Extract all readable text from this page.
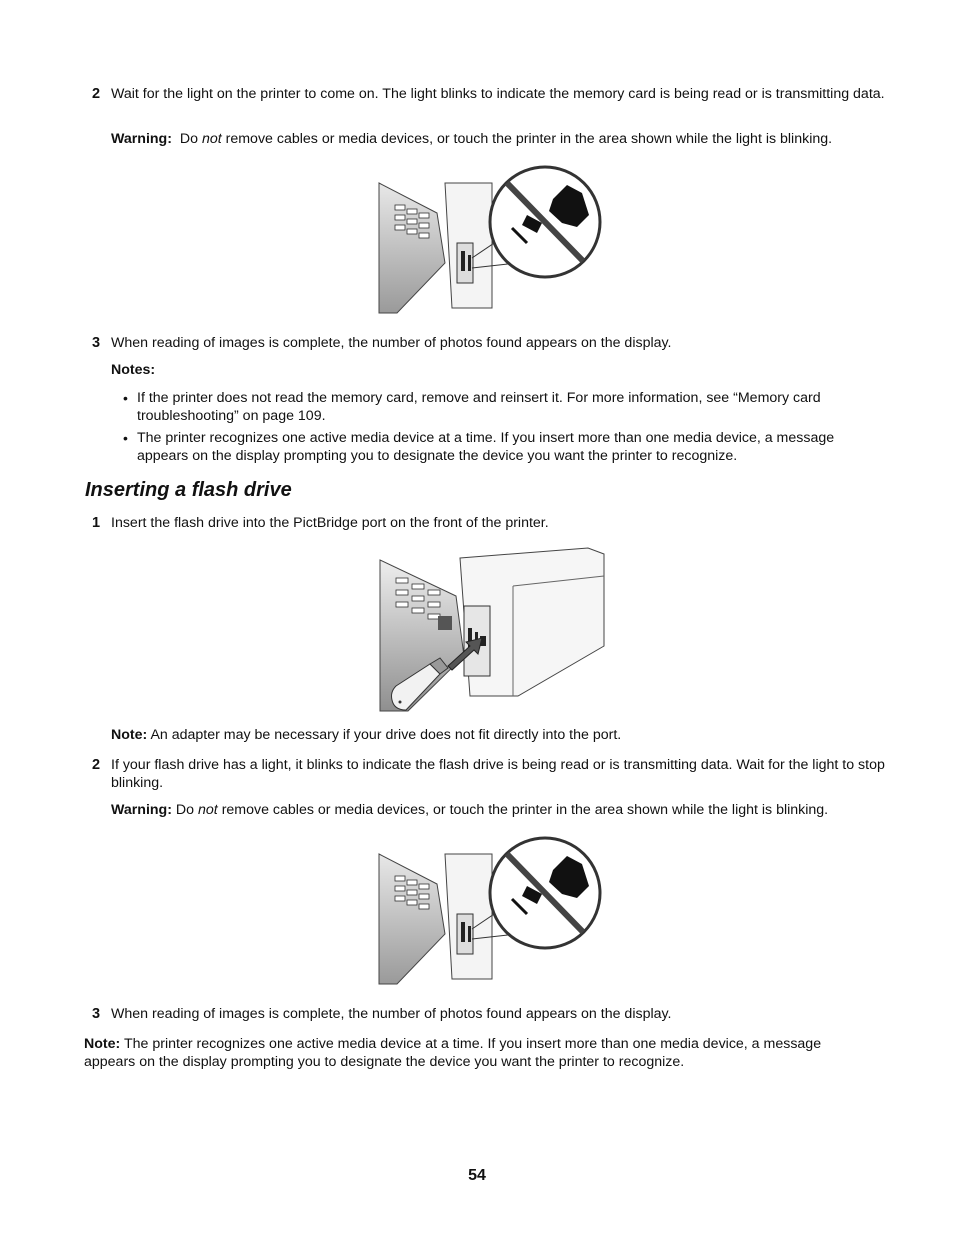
2 Wait for the light on the printer to come on. The light blinks to indicate the memory card is being read or is transmitting data.
Warning: Do not remove cables or media devices, or touch the printer in the area shown while the light is blinking.
3 When reading of images is complete, the number of photos found appears on the display.
Notes:
• If the printer does not read the memory card, remove and reinsert it. For more information, see “Memory card troubleshooting” on page 109.
• The printer recognizes one active media device at a time. If you insert more than one media device, a message appears on the display prompting you to designate the device you want the printer to recognize.
Inserting a flash drive
1 Insert the flash drive into the PictBridge port on the front of the printer.
Note: An adapter may be necessary if your drive does not fit directly into the port.
2 If your flash drive has a light, it blinks to indicate the flash drive is being read or is transmitting data. Wait for the light to stop blinking.
Warning: Do not remove cables or media devices, or touch the printer in the area shown while the light is blinking.
3 When reading of images is complete, the number of photos found appears on the display.
Note: The printer recognizes one active media device at a time. If you insert more than one media device, a message appears on the display prompting you to designate the device you want the printer to recognize.
54
